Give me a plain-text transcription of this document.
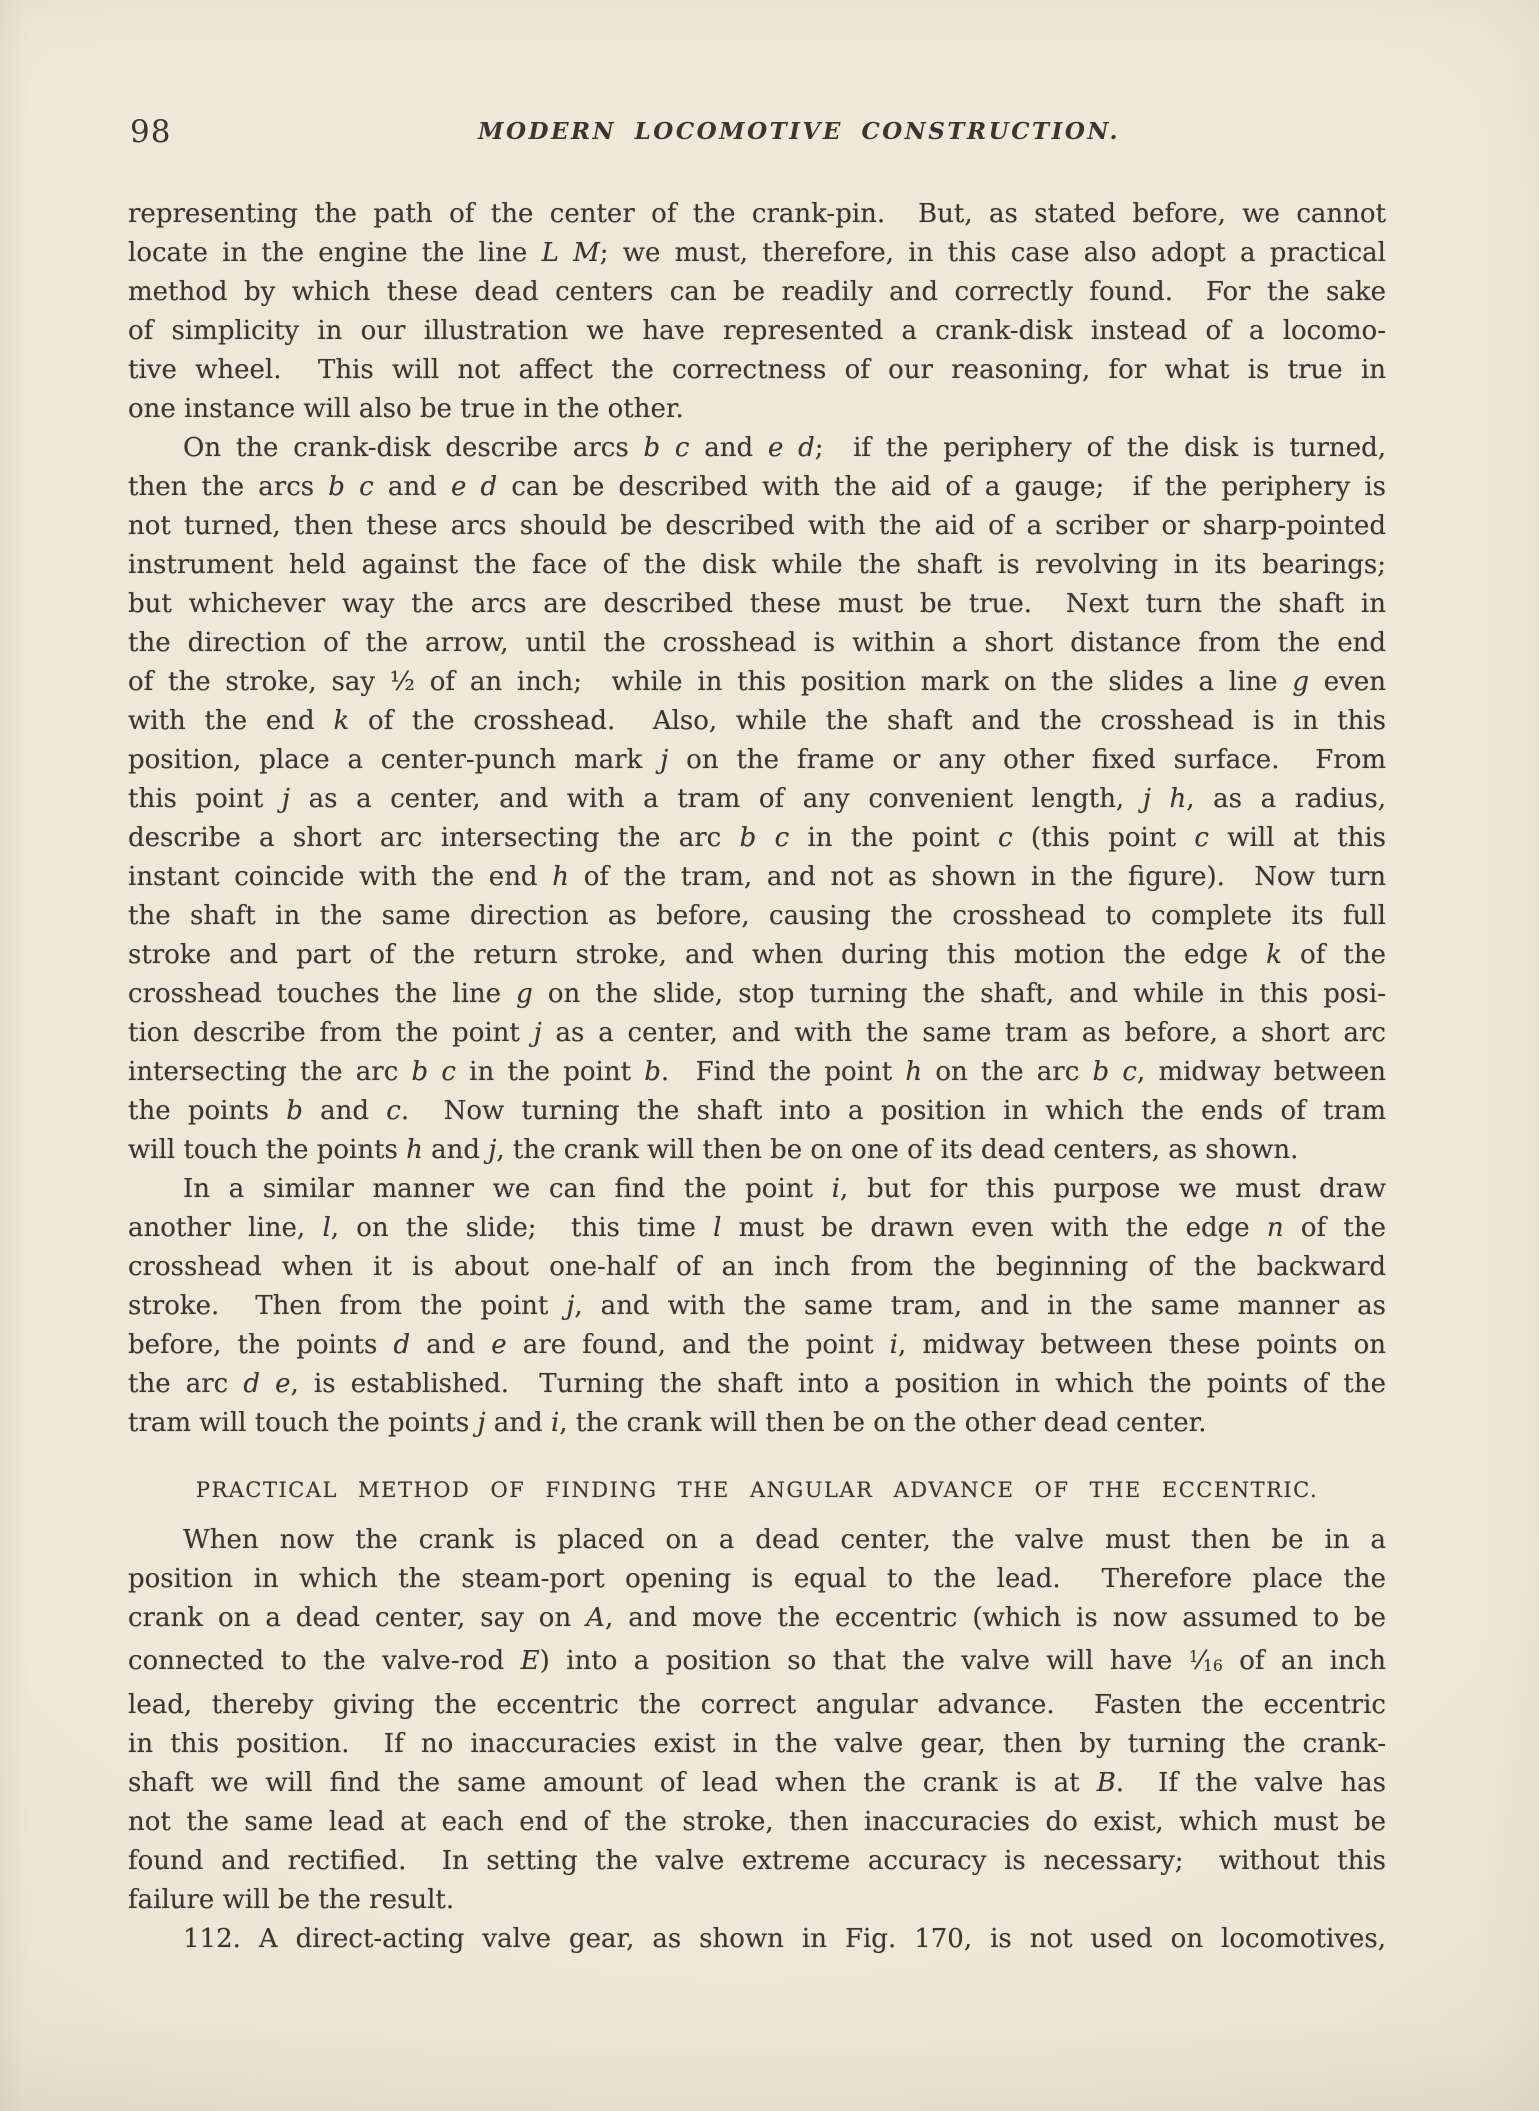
98	MODERN LOCOMOTIVE CONSTRUCTION.
representing the path of the center of the crank-pin.  But, as stated before, we cannot
locate in the engine the line L M; we must, therefore, in this case also adopt a practical
method by which these dead centers can be readily and correctly found.  For the sake
of simplicity in our illustration we have represented a crank-disk instead of a locomo-
tive wheel.  This will not affect the correctness of our reasoning, for what is true in
one instance will also be true in the other.
On the crank-disk describe arcs b c and e d;  if the periphery of the disk is turned,
then the arcs b c and e d can be described with the aid of a gauge;  if the periphery is
not turned, then these arcs should be described with the aid of a scriber or sharp-pointed
instrument held against the face of the disk while the shaft is revolving in its bearings;
but whichever way the arcs are described these must be true.  Next turn the shaft in
the direction of the arrow, until the crosshead is within a short distance from the end
of the stroke, say ½ of an inch;  while in this position mark on the slides a line g even
with the end k of the crosshead.  Also, while the shaft and the crosshead is in this
position, place a center-punch mark j on the frame or any other fixed surface.  From
this point j as a center, and with a tram of any convenient length, j h, as a radius,
describe a short arc intersecting the arc b c in the point c (this point c will at this
instant coincide with the end h of the tram, and not as shown in the figure).  Now turn
the shaft in the same direction as before, causing the crosshead to complete its full
stroke and part of the return stroke, and when during this motion the edge k of the
crosshead touches the line g on the slide, stop turning the shaft, and while in this posi-
tion describe from the point j as a center, and with the same tram as before, a short arc
intersecting the arc b c in the point b.  Find the point h on the arc b c, midway between
the points b and c.  Now turning the shaft into a position in which the ends of tram
will touch the points h and j, the crank will then be on one of its dead centers, as shown.
In a similar manner we can find the point i, but for this purpose we must draw
another line, l, on the slide;  this time l must be drawn even with the edge n of the
crosshead when it is about one-half of an inch from the beginning of the backward
stroke.  Then from the point j, and with the same tram, and in the same manner as
before, the points d and e are found, and the point i, midway between these points on
the arc d e, is established.  Turning the shaft into a position in which the points of the
tram will touch the points j and i, the crank will then be on the other dead center.
PRACTICAL METHOD OF FINDING THE ANGULAR ADVANCE OF THE ECCENTRIC.
When now the crank is placed on a dead center, the valve must then be in a
position in which the steam-port opening is equal to the lead.  Therefore place the
crank on a dead center, say on A, and move the eccentric (which is now assumed to be
connected to the valve-rod E) into a position so that the valve will have $^1⁄_{16}$ of an inch
lead, thereby giving the eccentric the correct angular advance.  Fasten the eccentric
in this position.  If no inaccuracies exist in the valve gear, then by turning the crank-
shaft we will find the same amount of lead when the crank is at B.  If the valve has
not the same lead at each end of the stroke, then inaccuracies do exist, which must be
found and rectified.  In setting the valve extreme accuracy is necessary;  without this
failure will be the result.
112. A direct-acting valve gear, as shown in Fig. 170, is not used on locomotives,
